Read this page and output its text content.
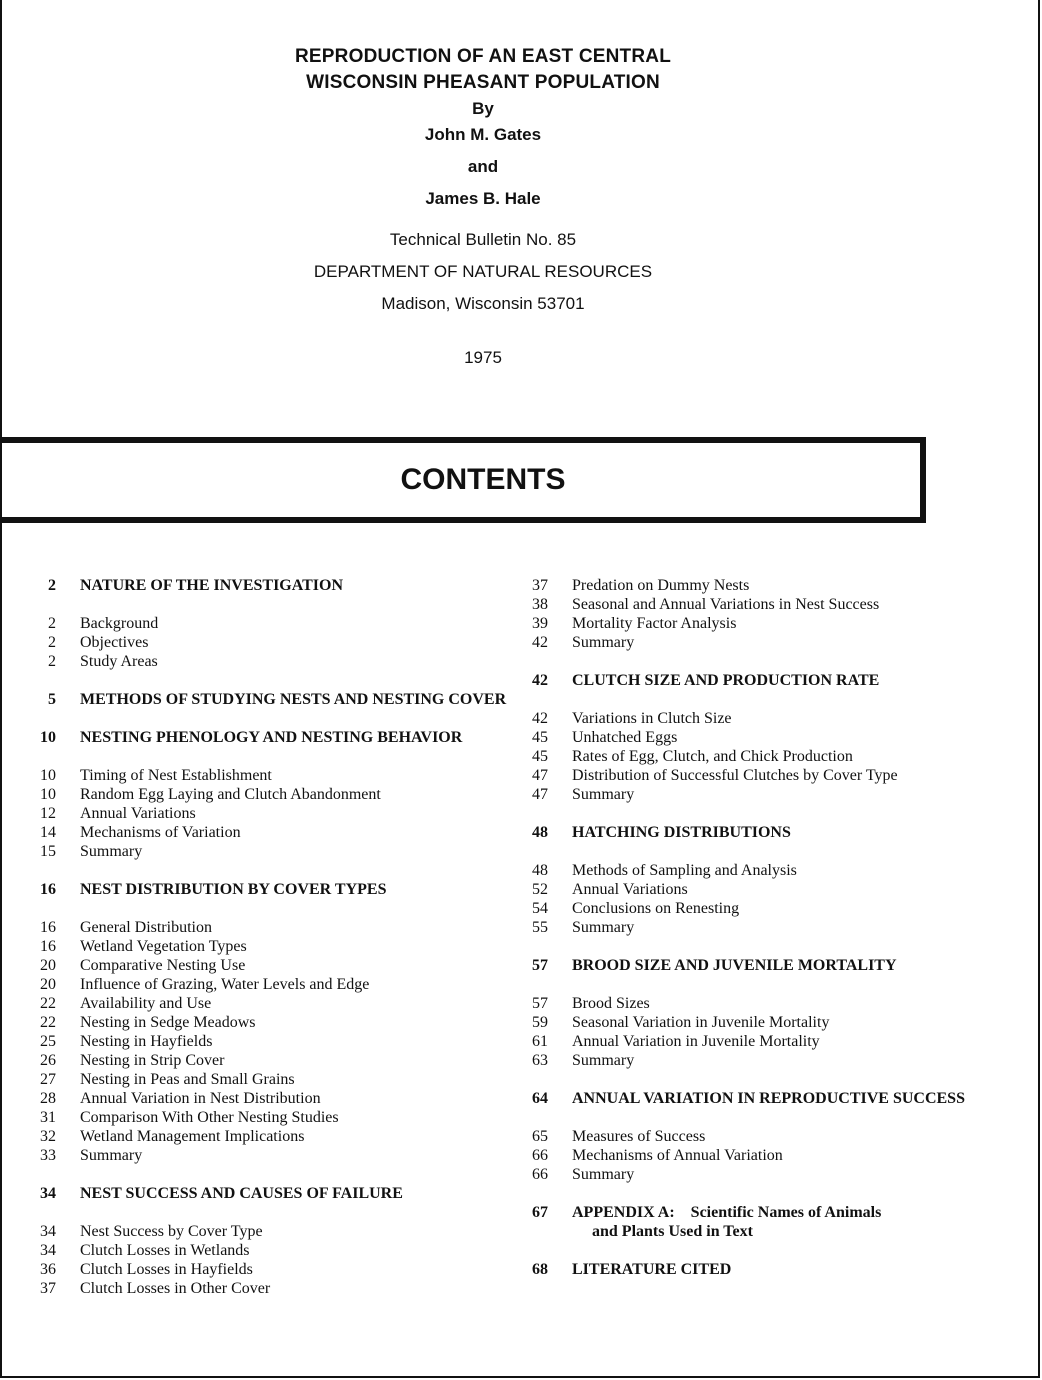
REPRODUCTION OF AN EAST CENTRAL
WISCONSIN PHEASANT POPULATION
By
John M. Gates
and
James B. Hale
Technical Bulletin No. 85
DEPARTMENT OF NATURAL RESOURCES
Madison, Wisconsin 53701
1975
CONTENTS
2 NATURE OF THE INVESTIGATION
2 Background
2 Objectives
2 Study Areas
5 METHODS OF STUDYING NESTS AND NESTING COVER
10 NESTING PHENOLOGY AND NESTING BEHAVIOR
10 Timing of Nest Establishment
10 Random Egg Laying and Clutch Abandonment
12 Annual Variations
14 Mechanisms of Variation
15 Summary
16 NEST DISTRIBUTION BY COVER TYPES
16 General Distribution
16 Wetland Vegetation Types
20 Comparative Nesting Use
20 Influence of Grazing, Water Levels and Edge
22 Availability and Use
22 Nesting in Sedge Meadows
25 Nesting in Hayfields
26 Nesting in Strip Cover
27 Nesting in Peas and Small Grains
28 Annual Variation in Nest Distribution
31 Comparison With Other Nesting Studies
32 Wetland Management Implications
33 Summary
34 NEST SUCCESS AND CAUSES OF FAILURE
34 Nest Success by Cover Type
34 Clutch Losses in Wetlands
36 Clutch Losses in Hayfields
37 Clutch Losses in Other Cover
37 Predation on Dummy Nests
38 Seasonal and Annual Variations in Nest Success
39 Mortality Factor Analysis
42 Summary
42 CLUTCH SIZE AND PRODUCTION RATE
42 Variations in Clutch Size
45 Unhatched Eggs
45 Rates of Egg, Clutch, and Chick Production
47 Distribution of Successful Clutches by Cover Type
47 Summary
48 HATCHING DISTRIBUTIONS
48 Methods of Sampling and Analysis
52 Annual Variations
54 Conclusions on Renesting
55 Summary
57 BROOD SIZE AND JUVENILE MORTALITY
57 Brood Sizes
59 Seasonal Variation in Juvenile Mortality
61 Annual Variation in Juvenile Mortality
63 Summary
64 ANNUAL VARIATION IN REPRODUCTIVE SUCCESS
65 Measures of Success
66 Mechanisms of Annual Variation
66 Summary
67 APPENDIX A:    Scientific Names of Animals
and Plants Used in Text
68 LITERATURE CITED
